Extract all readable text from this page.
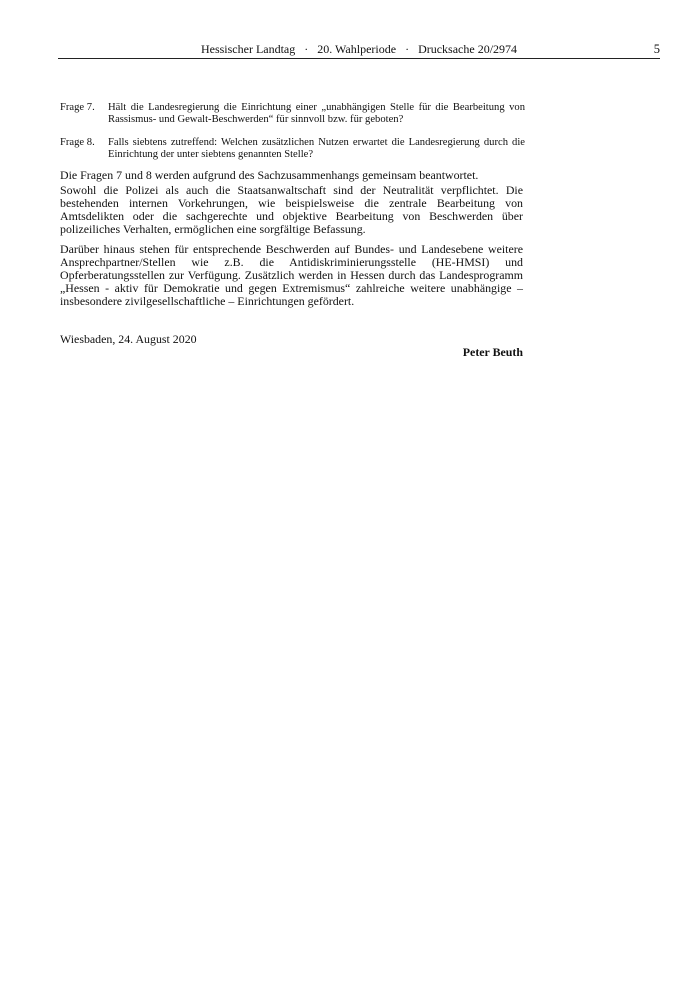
Hessischer Landtag · 20. Wahlperiode · Drucksache 20/2974	5
Frage 7.	Hält die Landesregierung die Einrichtung einer „unabhängigen Stelle für die Bearbeitung von Rassismus- und Gewalt-Beschwerden“ für sinnvoll bzw. für geboten?
Frage 8.	Falls siebtens zutreffend: Welchen zusätzlichen Nutzen erwartet die Landesregierung durch die Einrichtung der unter siebtens genannten Stelle?
Die Fragen 7 und 8 werden aufgrund des Sachzusammenhangs gemeinsam beantwortet.
Sowohl die Polizei als auch die Staatsanwaltschaft sind der Neutralität verpflichtet. Die bestehenden internen Vorkehrungen, wie beispielsweise die zentrale Bearbeitung von Amtsdelikten oder die sachgerechte und objektive Bearbeitung von Beschwerden über polizeiliches Verhalten, ermöglichen eine sorgfältige Befassung.
Darüber hinaus stehen für entsprechende Beschwerden auf Bundes- und Landesebene weitere Ansprechpartner/Stellen wie z.B. die Antidiskriminierungsstelle (HE-HMSI) und Opferberatungsstellen zur Verfügung. Zusätzlich werden in Hessen durch das Landesprogramm „Hessen - aktiv für Demokratie und gegen Extremismus“ zahlreiche weitere unabhängige – insbesondere zivilgesellschaftliche – Einrichtungen gefördert.
Wiesbaden, 24. August 2020
Peter Beuth
